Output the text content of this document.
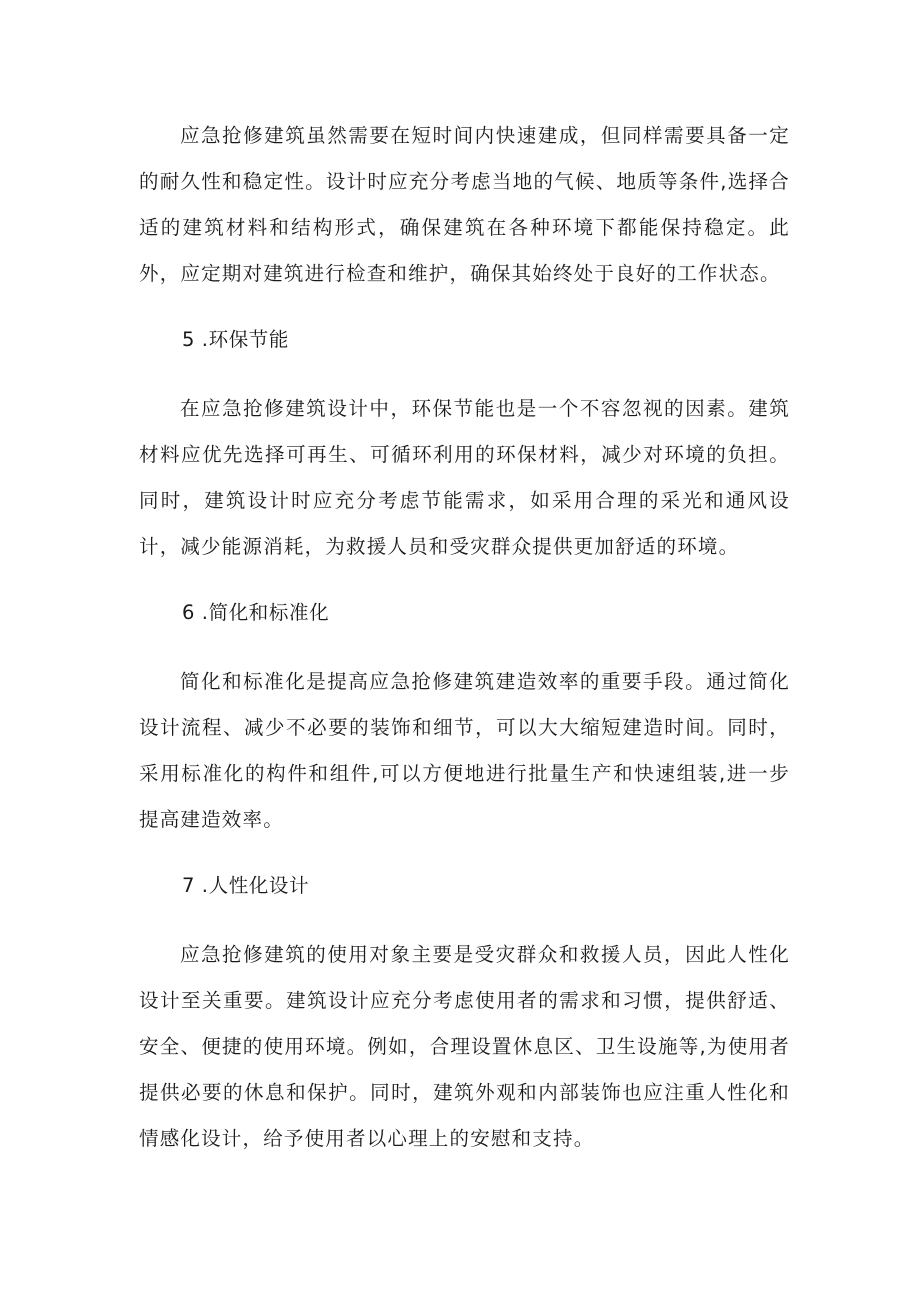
应急抢修建筑虽然需要在短时间内快速建成，但同样需要具备一定的耐久性和稳定性。设计时应充分考虑当地的气候、地质等条件,选择合适的建筑材料和结构形式，确保建筑在各种环境下都能保持稳定。此外，应定期对建筑进行检查和维护，确保其始终处于良好的工作状态。

5 .环保节能

在应急抢修建筑设计中，环保节能也是一个不容忽视的因素。建筑材料应优先选择可再生、可循环利用的环保材料，减少对环境的负担。同时，建筑设计时应充分考虑节能需求，如采用合理的采光和通风设计，减少能源消耗，为救援人员和受灾群众提供更加舒适的环境。

6 .简化和标准化

简化和标准化是提高应急抢修建筑建造效率的重要手段。通过简化设计流程、减少不必要的装饰和细节，可以大大缩短建造时间。同时，采用标准化的构件和组件,可以方便地进行批量生产和快速组装,进一步提高建造效率。

7 .人性化设计

应急抢修建筑的使用对象主要是受灾群众和救援人员，因此人性化设计至关重要。建筑设计应充分考虑使用者的需求和习惯，提供舒适、安全、便捷的使用环境。例如，合理设置休息区、卫生设施等,为使用者提供必要的休息和保护。同时，建筑外观和内部装饰也应注重人性化和情感化设计，给予使用者以心理上的安慰和支持。
